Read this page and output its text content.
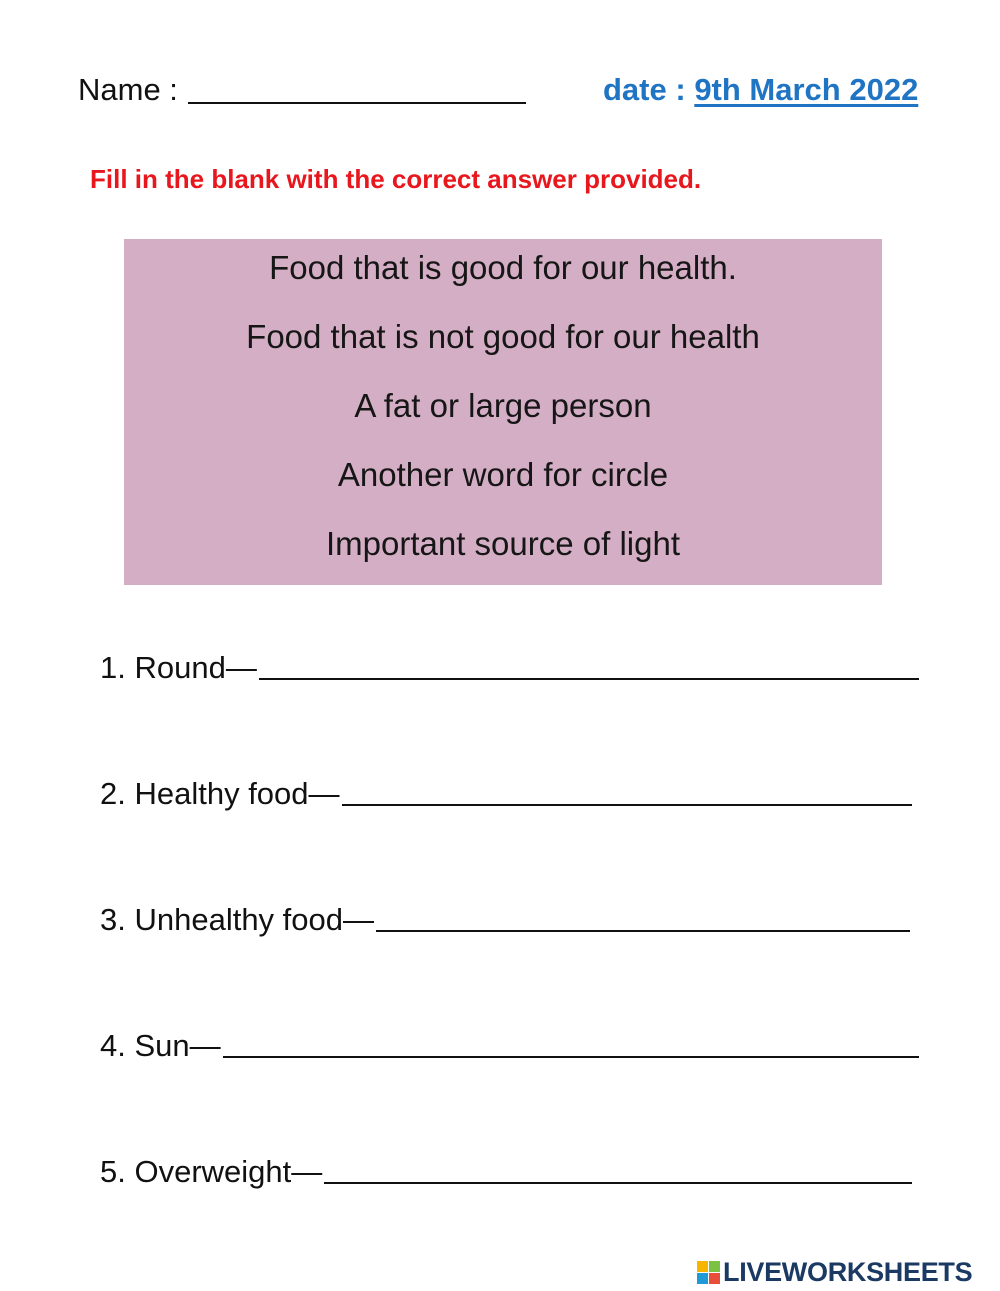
Name :	date : 9th March 2022
Fill in the blank with the correct answer provided.
Food that is good for our health.
Food that is not good for our health
A fat or large person
Another word for circle
Important source of light
1. Round—
2. Healthy food—
3. Unhealthy food—
4. Sun—
5. Overweight—
LIVEWORKSHEETS
